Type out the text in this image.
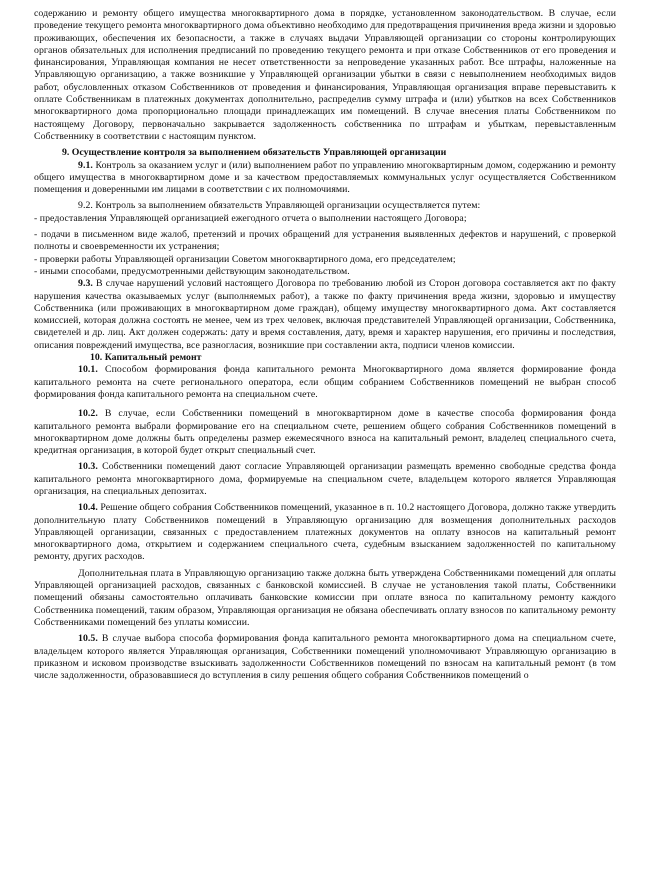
содержанию и ремонту общего имущества многоквартирного дома в порядке, установленном законодательством. В случае, если проведение текущего ремонта многоквартирного дома объективно необходимо для предотвращения причинения вреда жизни и здоровью проживающих, обеспечения их безопасности, а также в случаях выдачи Управляющей организации со стороны контролирующих органов обязательных для исполнения предписаний по проведению текущего ремонта и при отказе Собственников от его проведения и финансирования, Управляющая компания не несет ответственности за непроведение указанных работ. Все штрафы, наложенные на Управляющую организацию, а также возникшие у Управляющей организации убытки в связи с невыполнением необходимых видов работ, обусловленных отказом Собственников от проведения и финансирования, Управляющая организация вправе перевыставить к оплате Собственникам в платежных документах дополнительно, распределив сумму штрафа и (или) убытков на всех Собственников многоквартирного дома пропорционально площади принадлежащих им помещений. В случае внесения платы Собственником по настоящему Договору, первоначально закрывается задолженность собственника по штрафам и убыткам, перевыставленным Собственнику в соответствии с настоящим пунктом.

9. Осуществление контроля за выполнением обязательств Управляющей организации

9.1. Контроль за оказанием услуг и (или) выполнением работ по управлению многоквартирным домом, содержанию и ремонту общего имущества в многоквартирном доме и за качеством предоставляемых коммунальных услуг осуществляется Собственником помещения и доверенными им лицами в соответствии с их полномочиями.

9.2. Контроль за выполнением обязательств Управляющей организации осуществляется путем:

- предоставления Управляющей организацией ежегодного отчета о выполнении настоящего Договора;

- подачи в письменном виде жалоб, претензий и прочих обращений для устранения выявленных дефектов и нарушений, с проверкой полноты и своевременности их устранения;

- проверки работы Управляющей организации Советом многоквартирного дома, его председателем;

- иными способами, предусмотренными действующим законодательством.

9.3. В случае нарушений условий настоящего Договора по требованию любой из Сторон договора составляется акт по факту нарушения качества оказываемых услуг (выполняемых работ), а также по факту причинения вреда жизни, здоровью и имуществу Собственника (или проживающих в многоквартирном доме граждан), общему имуществу многоквартирного дома. Акт составляется комиссией, которая должна состоять не менее, чем из трех человек, включая представителей Управляющей организации, Собственника, свидетелей и др. лиц. Акт должен содержать: дату и время составления, дату, время и характер нарушения, его причины и последствия, описания повреждений имущества, все разногласия, возникшие при составлении акта, подписи членов комиссии.

10. Капитальный ремонт

10.1. Способом формирования фонда капитального ремонта Многоквартирного дома является формирование фонда капитального ремонта на счете регионального оператора, если общим собранием Собственников помещений не выбран способ формирования фонда капитального ремонта на специальном счете.

10.2. В случае, если Собственники помещений в многоквартирном доме в качестве способа формирования фонда капитального ремонта выбрали формирование его на специальном счете, решением общего собрания Собственников помещений в многоквартирном доме должны быть определены размер ежемесячного взноса на капитальный ремонт, владелец специального счета, кредитная организация, в которой будет открыт специальный счет.

10.3. Собственники помещений дают согласие Управляющей организации размещать временно свободные средства фонда капитального ремонта многоквартирного дома, формируемые на специальном счете, владельцем которого является Управляющая организация, на специальных депозитах.

10.4. Решение общего собрания Собственников помещений, указанное в п. 10.2 настоящего Договора, должно также утвердить дополнительную плату Собственников помещений в Управляющую организацию для возмещения дополнительных расходов Управляющей организации, связанных с предоставлением платежных документов на оплату взносов на капитальный ремонт многоквартирного дома, открытием и содержанием специального счета, судебным взысканием задолженностей по капитальному ремонту, других расходов.

Дополнительная плата в Управляющую организацию также должна быть утверждена Собственниками помещений для оплаты Управляющей организацией расходов, связанных с банковской комиссией. В случае не установления такой платы, Собственники помещений обязаны самостоятельно оплачивать банковские комиссии при оплате взноса по капитальному ремонту каждого Собственника помещений, таким образом, Управляющая организация не обязана обеспечивать оплату взносов по капитальному ремонту Собственниками помещений без уплаты комиссии.

10.5. В случае выбора способа формирования фонда капитального ремонта многоквартирного дома на специальном счете, владельцем которого является Управляющая организация, Собственники помещений уполномочивают Управляющую организацию в приказном и исковом производстве взыскивать задолженности Собственников помещений по взносам на капитальный ремонт (в том числе задолженности, образовавшиеся до вступления в силу решения общего собрания Собственников помещений о
